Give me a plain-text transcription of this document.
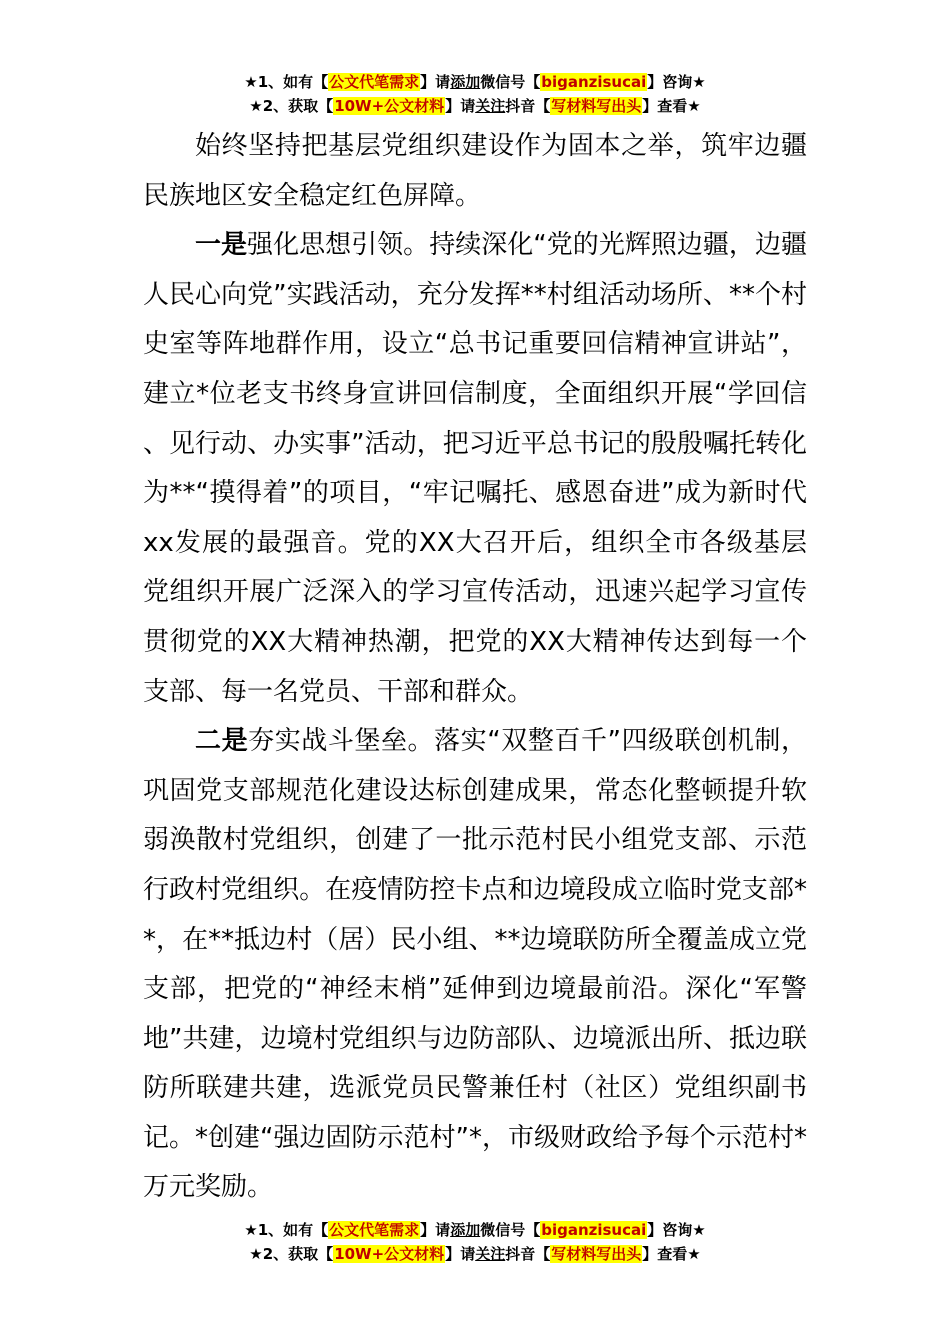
★1、如有【公文代笔需求】请添加微信号【biganzisucai】咨询★
★2、获取【10W+公文材料】请关注抖音【写材料写出头】查看★

始终坚持把基层党组织建设作为固本之举，筑牢边疆民族地区安全稳定红色屏障。

一是强化思想引领。持续深化“党的光辉照边疆，边疆人民心向党”实践活动，充分发挥**村组活动场所、**个村史室等阵地群作用，设立“总书记重要回信精神宣讲站”，建立*位老支书终身宣讲回信制度，全面组织开展“学回信、见行动、办实事”活动，把习近平总书记的殷殷嘱托转化为**“摸得着”的项目，“牢记嘱托、感恩奋进”成为新时代xx发展的最强音。党的XX大召开后，组织全市各级基层党组织开展广泛深入的学习宣传活动，迅速兴起学习宣传贯彻党的XX大精神热潮，把党的XX大精神传达到每一个支部、每一名党员、干部和群众。

二是夯实战斗堡垒。落实“双整百千”四级联创机制，巩固党支部规范化建设达标创建成果，常态化整顿提升软弱涣散村党组织，创建了一批示范村民小组党支部、示范行政村党组织。在疫情防控卡点和边境段成立临时党支部**，在**抵边村（居）民小组、**边境联防所全覆盖成立党支部，把党的“神经末梢”延伸到边境最前沿。深化“军警地”共建，边境村党组织与边防部队、边境派出所、抵边联防所联建共建，选派党员民警兼任村（社区）党组织副书记。*创建“强边固防示范村”*，市级财政给予每个示范村*万元奖励。

★1、如有【公文代笔需求】请添加微信号【biganzisucai】咨询★
★2、获取【10W+公文材料】请关注抖音【写材料写出头】查看★
